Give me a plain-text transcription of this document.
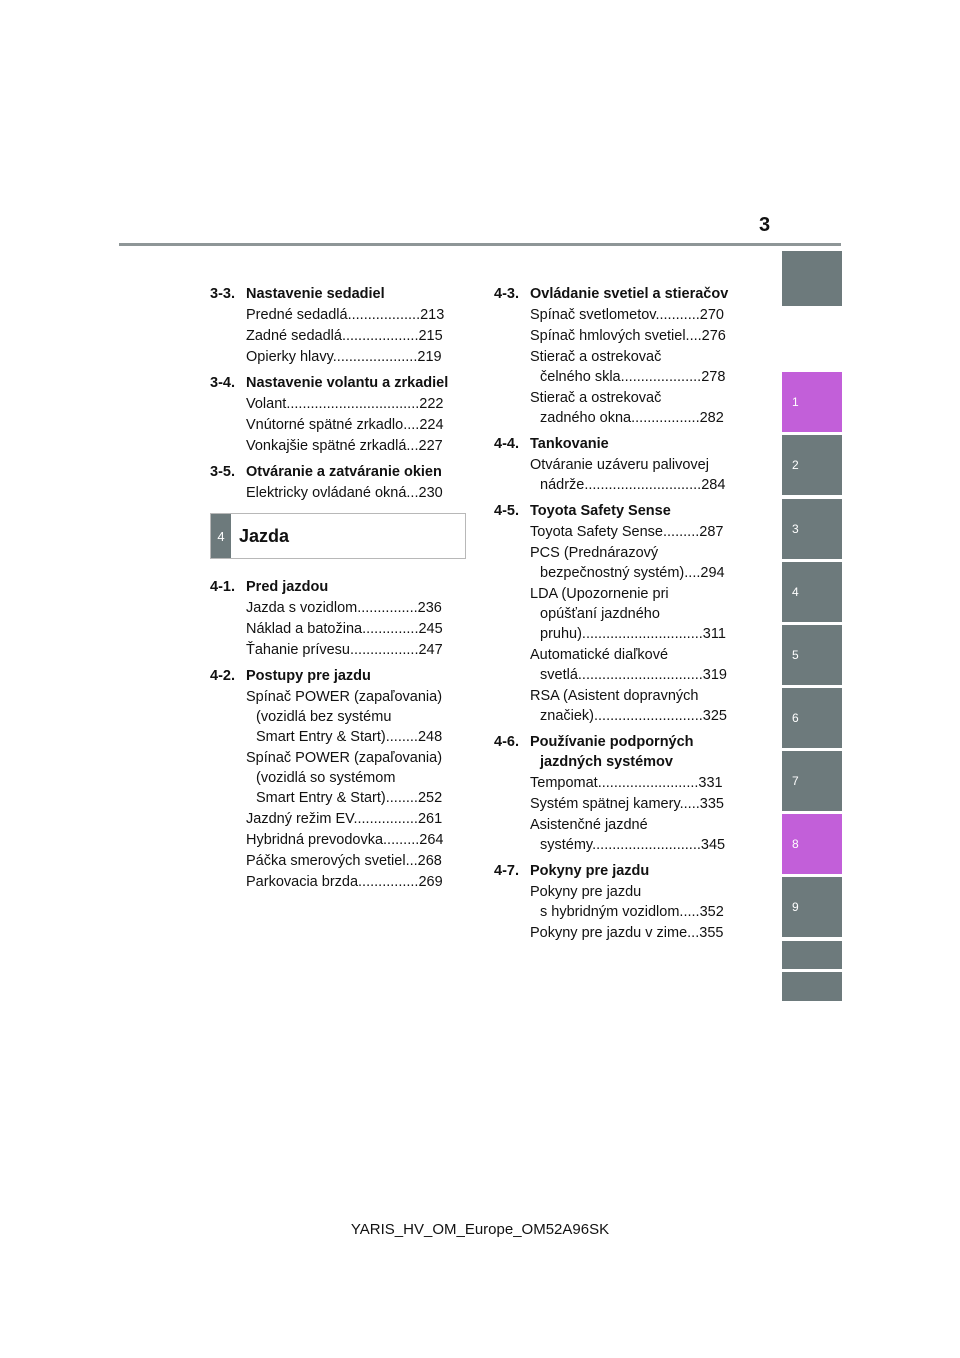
3
1
2
3
4
5
6
7
8
9
3-3. Nastavenie sedadiel
Predné sedadlá..................213
Zadné sedadlá...................215
Opierky hlavy.....................219
3-4. Nastavenie volantu a zrkadiel
Volant.................................222
Vnútorné spätné zrkadlo....224
Vonkajšie spätné zrkadlá...227
3-5. Otváranie a zatváranie okien
Elektricky ovládané okná...230
4 Jazda
4-1. Pred jazdou
Jazda s vozidlom...............236
Náklad a batožina..............245
Ťahanie prívesu.................247
4-2. Postupy pre jazdu
Spínač POWER (zapaľovania)
(vozidlá bez systému
Smart Entry & Start)........248
Spínač POWER (zapaľovania)
(vozidlá so systémom
Smart Entry & Start)........252
Jazdný režim EV................261
Hybridná prevodovka.........264
Páčka smerových svetiel...268
Parkovacia brzda...............269
4-3. Ovládanie svetiel a stieračov
Spínač svetlometov...........270
Spínač hmlových svetiel....276
Stierač a ostrekovač
čelného skla....................278
Stierač a ostrekovač
zadného okna.................282
4-4. Tankovanie
Otváranie uzáveru palivovej
nádrže.............................284
4-5. Toyota Safety Sense
Toyota Safety Sense.........287
PCS (Prednárazový
bezpečnostný systém)....294
LDA (Upozornenie pri
opúšťaní jazdného
pruhu)..............................311
Automatické diaľkové
svetlá...............................319
RSA (Asistent dopravných
značiek)...........................325
4-6. Používanie podporných
jazdných systémov
Tempomat.........................331
Systém spätnej kamery.....335
Asistenčné jazdné
systémy...........................345
4-7. Pokyny pre jazdu
Pokyny pre jazdu
s hybridným vozidlom.....352
Pokyny pre jazdu v zime...355
YARIS_HV_OM_Europe_OM52A96SK
